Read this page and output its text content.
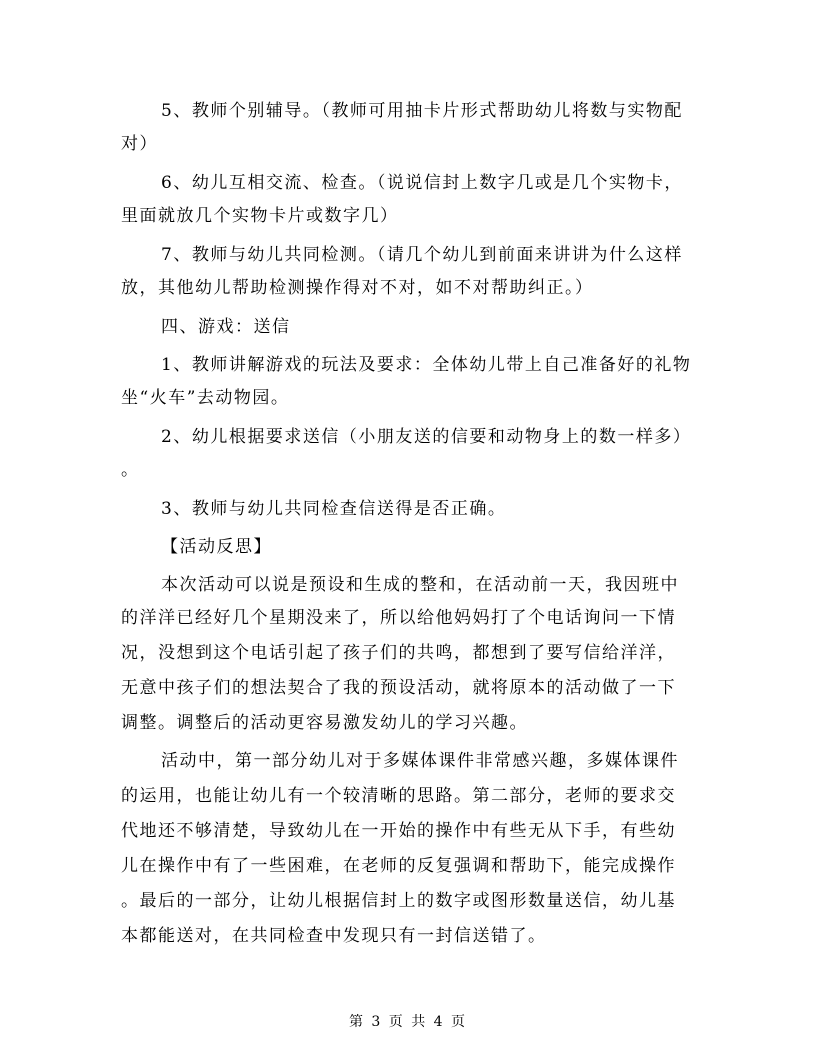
5、教师个别辅导。（教师可用抽卡片形式帮助幼儿将数与实物配
对）
6、幼儿互相交流、检查。（说说信封上数字几或是几个实物卡，
里面就放几个实物卡片或数字几）
7、教师与幼儿共同检测。（请几个幼儿到前面来讲讲为什么这样
放，其他幼儿帮助检测操作得对不对，如不对帮助纠正。）
四、游戏：送信
1、教师讲解游戏的玩法及要求：全体幼儿带上自己准备好的礼物
坐“火车”去动物园。
2、幼儿根据要求送信（小朋友送的信要和动物身上的数一样多）
。
3、教师与幼儿共同检查信送得是否正确。
【活动反思】
本次活动可以说是预设和生成的整和，在活动前一天，我因班中
的洋洋已经好几个星期没来了，所以给他妈妈打了个电话询问一下情
况，没想到这个电话引起了孩子们的共鸣，都想到了要写信给洋洋，
无意中孩子们的想法契合了我的预设活动，就将原本的活动做了一下
调整。调整后的活动更容易激发幼儿的学习兴趣。
活动中，第一部分幼儿对于多媒体课件非常感兴趣，多媒体课件
的运用，也能让幼儿有一个较清晰的思路。第二部分，老师的要求交
代地还不够清楚，导致幼儿在一开始的操作中有些无从下手，有些幼
儿在操作中有了一些困难，在老师的反复强调和帮助下，能完成操作
。最后的一部分，让幼儿根据信封上的数字或图形数量送信，幼儿基
本都能送对，在共同检查中发现只有一封信送错了。
第 3 页 共 4 页
